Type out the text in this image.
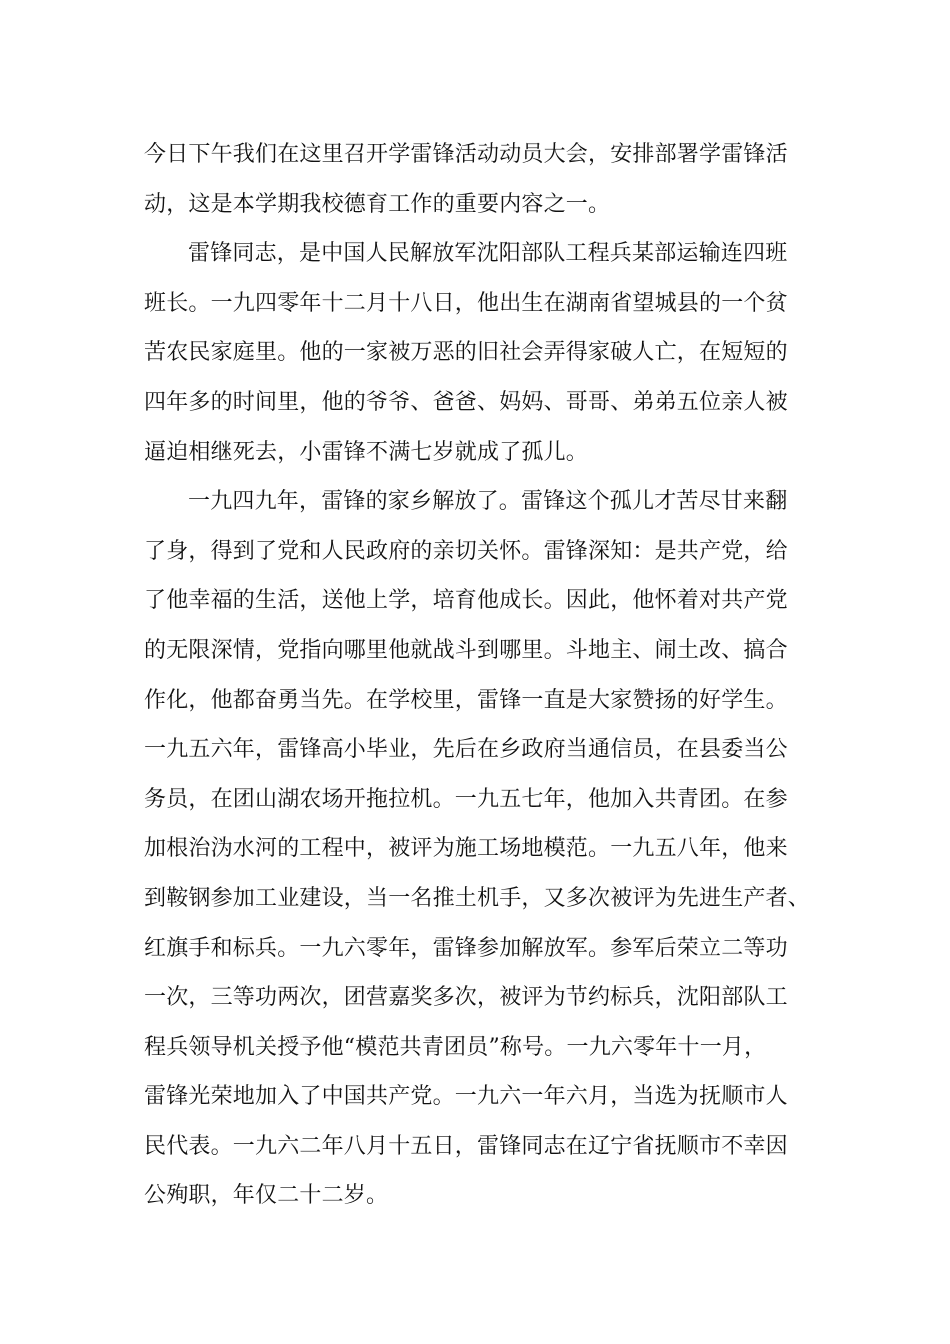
今日下午我们在这里召开学雷锋活动动员大会，安排部署学雷锋活
动，这是本学期我校德育工作的重要内容之一。

雷锋同志，是中国人民解放军沈阳部队工程兵某部运输连四班
班长。一九四零年十二月十八日，他出生在湖南省望城县的一个贫
苦农民家庭里。他的一家被万恶的旧社会弄得家破人亡，在短短的
四年多的时间里，他的爷爷、爸爸、妈妈、哥哥、弟弟五位亲人被
逼迫相继死去，小雷锋不满七岁就成了孤儿。

一九四九年，雷锋的家乡解放了。雷锋这个孤儿才苦尽甘来翻
了身，得到了党和人民政府的亲切关怀。雷锋深知：是共产党，给
了他幸福的生活，送他上学，培育他成长。因此，他怀着对共产党
的无限深情，党指向哪里他就战斗到哪里。斗地主、闹土改、搞合
作化，他都奋勇当先。在学校里，雷锋一直是大家赞扬的好学生。
一九五六年，雷锋高小毕业，先后在乡政府当通信员，在县委当公
务员，在团山湖农场开拖拉机。一九五七年，他加入共青团。在参
加根治沩水河的工程中，被评为施工场地模范。一九五八年，他来
到鞍钢参加工业建设，当一名推土机手，又多次被评为先进生产者、
红旗手和标兵。一九六零年，雷锋参加解放军。参军后荣立二等功
一次，三等功两次，团营嘉奖多次，被评为节约标兵，沈阳部队工
程兵领导机关授予他“模范共青团员”称号。一九六零年十一月，
雷锋光荣地加入了中国共产党。一九六一年六月，当选为抚顺市人
民代表。一九六二年八月十五日，雷锋同志在辽宁省抚顺市不幸因
公殉职，年仅二十二岁。
